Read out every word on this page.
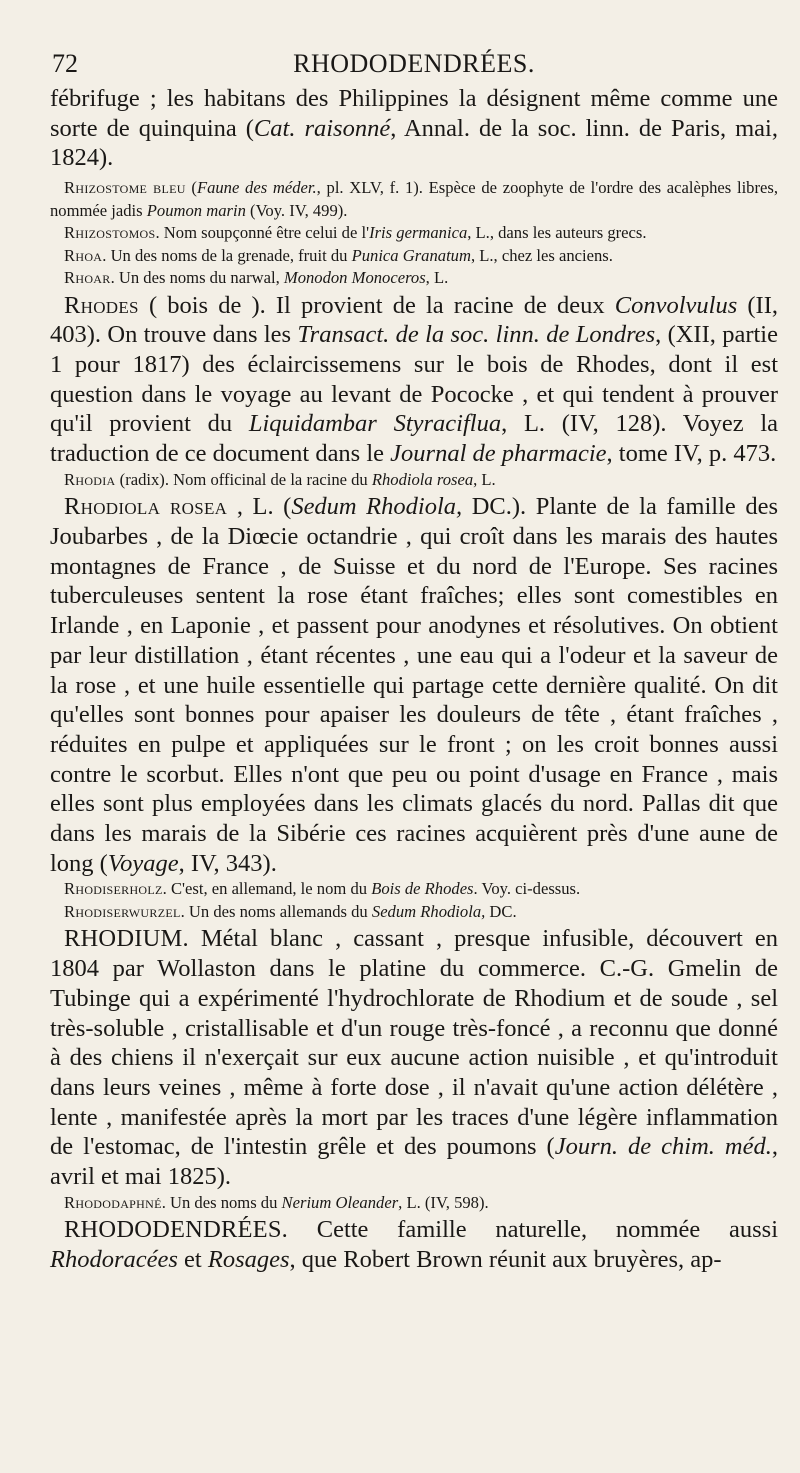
72	RHODODENDRÉES.

fébrifuge ; les habitans des Philippines la désignent même comme une sorte de quinquina (Cat. raisonné, Annal. de la soc. linn. de Paris, mai, 1824).

Rhizostome bleu (Faune des méder., pl. XLV, f. 1). Espèce de zoophyte de l'ordre des acalèphes libres, nommée jadis Poumon marin (Voy. IV, 499).

Rhizostomos. Nom soupçonné être celui de l'Iris germanica, L., dans les auteurs grecs.

Rhoa. Un des noms de la grenade, fruit du Punica Granatum, L., chez les anciens.

Rhoar. Un des noms du narwal, Monodon Monoceros, L.

Rhodes ( bois de ). Il provient de la racine de deux Convolvulus (II, 403). On trouve dans les Transact. de la soc. linn. de Londres, (XII, partie 1 pour 1817) des éclaircissemens sur le bois de Rhodes, dont il est question dans le voyage au levant de Pococke , et qui tendent à prouver qu'il provient du Liquidambar Styraciflua, L. (IV, 128). Voyez la traduction de ce document dans le Journal de pharmacie, tome IV, p. 473.

Rhodia (radix). Nom officinal de la racine du Rhodiola rosea, L.

Rhodiola rosea , L. (Sedum Rhodiola, DC.). Plante de la famille des Joubarbes , de la Diœcie octandrie , qui croît dans les marais des hautes montagnes de France , de Suisse et du nord de l'Europe. Ses racines tuberculeuses sentent la rose étant fraîches; elles sont comestibles en Irlande , en Laponie , et passent pour anodynes et résolutives. On obtient par leur distillation , étant récentes , une eau qui a l'odeur et la saveur de la rose , et une huile essentielle qui partage cette dernière qualité. On dit qu'elles sont bonnes pour apaiser les douleurs de tête , étant fraîches , réduites en pulpe et appliquées sur le front ; on les croit bonnes aussi contre le scorbut. Elles n'ont que peu ou point d'usage en France , mais elles sont plus employées dans les climats glacés du nord. Pallas dit que dans les marais de la Sibérie ces racines acquièrent près d'une aune de long (Voyage, IV, 343).

Rhodiserholz. C'est, en allemand, le nom du Bois de Rhodes. Voy. ci-dessus.

Rhodiserwurzel. Un des noms allemands du Sedum Rhodiola, DC.

RHODIUM. Métal blanc , cassant , presque infusible, découvert en 1804 par Wollaston dans le platine du commerce. C.-G. Gmelin de Tubinge qui a expérimenté l'hydrochlorate de Rhodium et de soude , sel très-soluble , cristallisable et d'un rouge très-foncé , a reconnu que donné à des chiens il n'exerçait sur eux aucune action nuisible , et qu'introduit dans leurs veines , même à forte dose , il n'avait qu'une action délétère , lente , manifestée après la mort par les traces d'une légère inflammation de l'estomac, de l'intestin grêle et des poumons (Journ. de chim. méd., avril et mai 1825).

Rhododaphné. Un des noms du Nerium Oleander, L. (IV, 598).

RHODODENDRÉES. Cette famille naturelle, nommée aussi Rhodoracées et Rosages, que Robert Brown réunit aux bruyères, ap-
